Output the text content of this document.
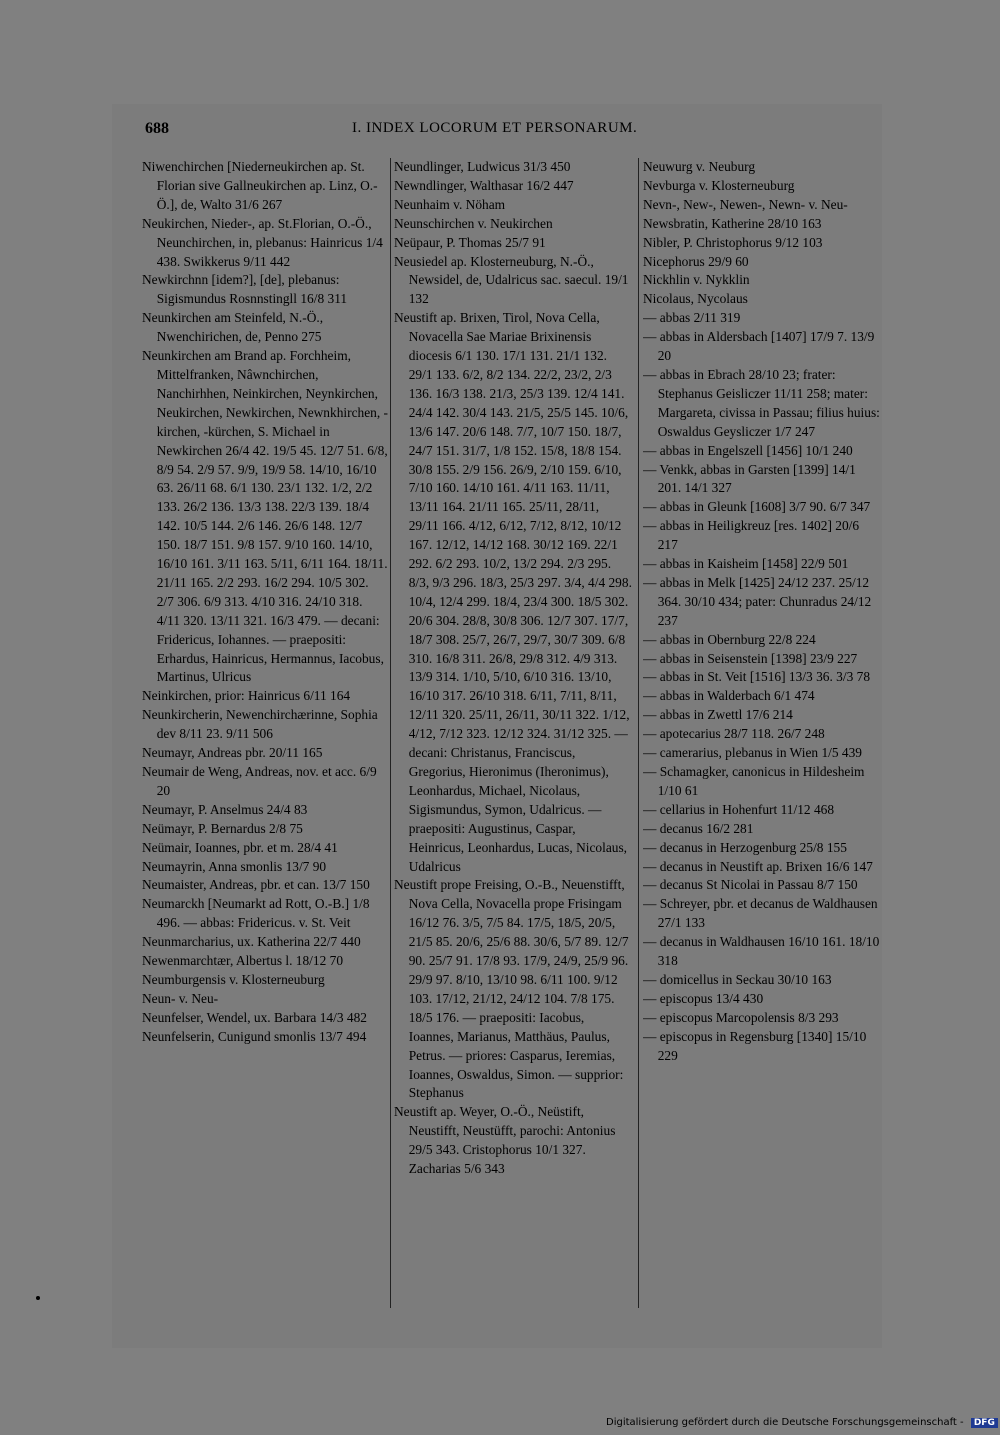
688	I. INDEX LOCORUM ET PERSONARUM.
Niwenchirchen [Niederneukirchen ap. St. Florian sive Gallneukirchen ap. Linz, O.-Ö.], de, Walto 31/6 267
Neukirchen, Nieder-, ap. St.Florian, O.-Ö., Neunchirchen, in, plebanus: Hainricus 1/4 438. Swikkerus 9/11 442
Newkirchnn [idem?], [de], plebanus: Sigismundus Rosnnstingll 16/8 311
Neunkirchen am Steinfeld, N.-Ö., Nwenchirichen, de, Penno 275
Neunkirchen am Brand ap. Forchheim, Mittelfranken, Nâwnchirchen, Nanchirhhen, Neinkirchen, Neynkirchen, Neukirchen, Newkirchen, Newnkhirchen, -kirchen, -kürchen, S. Michael in Newkirchen 26/4 42. 19/5 45. 12/7 51. 6/8, 8/9 54. 2/9 57. 9/9, 19/9 58. 14/10, 16/10 63. 26/11 68. 6/1 130. 23/1 132. 1/2, 2/2 133. 26/2 136. 13/3 138. 22/3 139. 18/4 142. 10/5 144. 2/6 146. 26/6 148. 12/7 150. 18/7 151. 9/8 157. 9/10 160. 14/10, 16/10 161. 3/11 163. 5/11, 6/11 164. 18/11. 21/11 165. 2/2 293. 16/2 294. 10/5 302. 2/7 306. 6/9 313. 4/10 316. 24/10 318. 4/11 320. 13/11 321. 16/3 479. — decani: Fridericus, Iohannes. — praepositi: Erhardus, Hainricus, Hermannus, Iacobus, Martinus, Ulricus
Neinkirchen, prior: Hainricus 6/11 164
Neunkircherin, Newenchirchærinne, Sophia dev 8/11 23. 9/11 506
Neumayr, Andreas pbr. 20/11 165
Neumair de Weng, Andreas, nov. et acc. 6/9 20
Neumayr, P. Anselmus 24/4 83
Neümayr, P. Bernardus 2/8 75
Neümair, Ioannes, pbr. et m. 28/4 41
Neumayrin, Anna smonlis 13/7 90
Neumaister, Andreas, pbr. et can. 13/7 150
Neumarckh [Neumarkt ad Rott, O.-B.] 1/8 496. — abbas: Fridericus. v. St. Veit
Neunmarcharius, ux. Katherina 22/7 440
Newenmarchtær, Albertus l. 18/12 70
Neumburgensis v. Klosterneuburg
Neun- v. Neu-
Neunfelser, Wendel, ux. Barbara 14/3 482
Neunfelserin, Cunigund smonlis 13/7 494
Neundlinger, Ludwicus 31/3 450
Newndlinger, Walthasar 16/2 447
Neunhaim v. Nöham
Neunschirchen v. Neukirchen
Neüpaur, P. Thomas 25/7 91
Neusiedel ap. Klosterneuburg, N.-Ö., Newsidel, de, Udalricus sac. saecul. 19/1 132
Neustift ap. Brixen, Tirol, Nova Cella, Novacella Sae Mariae Brixinensis diocesis 6/1 130. 17/1 131. 21/1 132. 29/1 133. 6/2, 8/2 134. 22/2, 23/2, 2/3 136. 16/3 138. 21/3, 25/3 139. 12/4 141. 24/4 142. 30/4 143. 21/5, 25/5 145. 10/6, 13/6 147. 20/6 148. 7/7, 10/7 150. 18/7, 24/7 151. 31/7, 1/8 152. 15/8, 18/8 154. 30/8 155. 2/9 156. 26/9, 2/10 159. 6/10, 7/10 160. 14/10 161. 4/11 163. 11/11, 13/11 164. 21/11 165. 25/11, 28/11, 29/11 166. 4/12, 6/12, 7/12, 8/12, 10/12 167. 12/12, 14/12 168. 30/12 169. 22/1 292. 6/2 293. 10/2, 13/2 294. 2/3 295. 8/3, 9/3 296. 18/3, 25/3 297. 3/4, 4/4 298. 10/4, 12/4 299. 18/4, 23/4 300. 18/5 302. 20/6 304. 28/8, 30/8 306. 12/7 307. 17/7, 18/7 308. 25/7, 26/7, 29/7, 30/7 309. 6/8 310. 16/8 311. 26/8, 29/8 312. 4/9 313. 13/9 314. 1/10, 5/10, 6/10 316. 13/10, 16/10 317. 26/10 318. 6/11, 7/11, 8/11, 12/11 320. 25/11, 26/11, 30/11 322. 1/12, 4/12, 7/12 323. 12/12 324. 31/12 325. — decani: Christanus, Franciscus, Gregorius, Hieronimus (Iheronimus), Leonhardus, Michael, Nicolaus, Sigismundus, Symon, Udalricus. — praepositi: Augustinus, Caspar, Heinricus, Leonhardus, Lucas, Nicolaus, Udalricus
Neustift prope Freising, O.-B., Neuenstifft, Nova Cella, Novacella prope Frisingam 16/12 76. 3/5, 7/5 84. 17/5, 18/5, 20/5, 21/5 85. 20/6, 25/6 88. 30/6, 5/7 89. 12/7 90. 25/7 91. 17/8 93. 17/9, 24/9, 25/9 96. 29/9 97. 8/10, 13/10 98. 6/11 100. 9/12 103. 17/12, 21/12, 24/12 104. 7/8 175. 18/5 176. — praepositi: Iacobus, Ioannes, Marianus, Matthäus, Paulus, Petrus. — priores: Casparus, Ieremias, Ioannes, Oswaldus, Simon. — supprior: Stephanus
Neustift ap. Weyer, O.-Ö., Neüstift, Neustifft, Neustüfft, parochi: Antonius 29/5 343. Cristophorus 10/1 327. Zacharias 5/6 343
Neuwurg v. Neuburg
Nevburga v. Klosterneuburg
Nevn-, New-, Newen-, Newn- v. Neu-
Newsbratin, Katherine 28/10 163
Nibler, P. Christophorus 9/12 103
Nicephorus 29/9 60
Nickhlin v. Nykklin
Nicolaus, Nycolaus
— abbas 2/11 319
— abbas in Aldersbach [1407] 17/9 7. 13/9 20
— abbas in Ebrach 28/10 23; frater: Stephanus Geisliczer 11/11 258; mater: Margareta, civissa in Passau; filius huius: Oswaldus Geysliczer 1/7 247
— abbas in Engelszell [1456] 10/1 240
— Venkk, abbas in Garsten [1399] 14/1 201. 14/1 327
— abbas in Gleunk [1608] 3/7 90. 6/7 347
— abbas in Heiligkreuz [res. 1402] 20/6 217
— abbas in Kaisheim [1458] 22/9 501
— abbas in Melk [1425] 24/12 237. 25/12 364. 30/10 434; pater: Chunradus 24/12 237
— abbas in Obernburg 22/8 224
— abbas in Seisenstein [1398] 23/9 227
— abbas in St. Veit [1516] 13/3 36. 3/3 78
— abbas in Walderbach 6/1 474
— abbas in Zwettl 17/6 214
— apotecarius 28/7 118. 26/7 248
— camerarius, plebanus in Wien 1/5 439
— Schamagker, canonicus in Hildesheim 1/10 61
— cellarius in Hohenfurt 11/12 468
— decanus 16/2 281
— decanus in Herzogenburg 25/8 155
— decanus in Neustift ap. Brixen 16/6 147
— decanus St Nicolai in Passau 8/7 150
— Schreyer, pbr. et decanus de Waldhausen 27/1 133
— decanus in Waldhausen 16/10 161. 18/10 318
— domicellus in Seckau 30/10 163
— episcopus 13/4 430
— episcopus Marcopolensis 8/3 293
— episcopus in Regensburg [1340] 15/10 229
Digitalisierung gefördert durch die Deutsche Forschungsgemeinschaft - DFG
